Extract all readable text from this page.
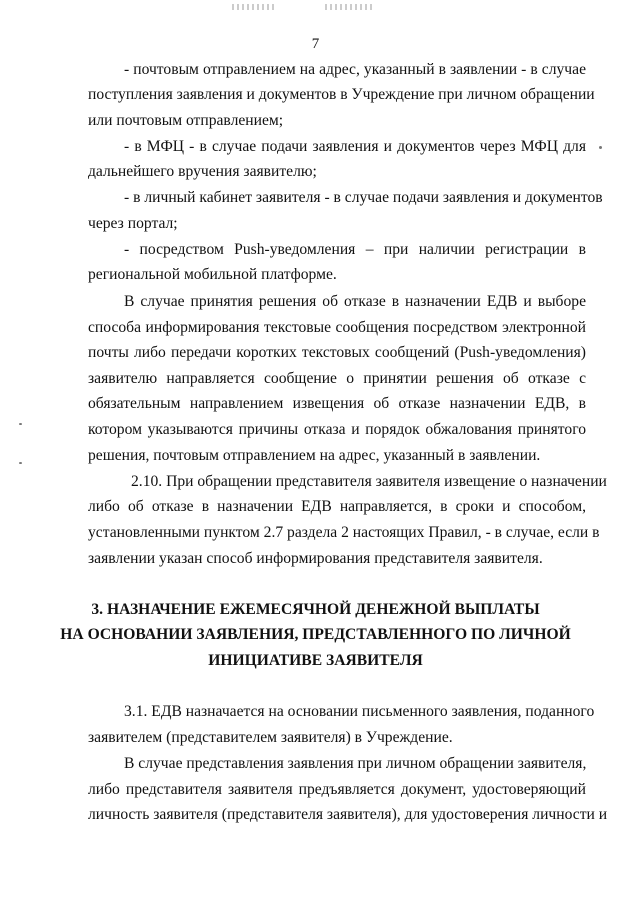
7
- почтовым отправлением на адрес, указанный в заявлении - в случае
поступления заявления и документов в Учреждение при личном обращении
или почтовым отправлением;
- в МФЦ - в случае подачи заявления и документов через МФЦ для
дальнейшего вручения заявителю;
- в личный кабинет заявителя - в случае подачи заявления и документов
через портал;
- посредством Push-уведомления – при наличии регистрации в
региональной мобильной платформе.
В случае принятия решения об отказе в назначении ЕДВ и выборе
способа информирования текстовые сообщения посредством электронной
почты либо передачи коротких текстовых сообщений (Push-уведомления)
заявителю направляется сообщение о принятии решения об отказе с
обязательным направлением извещения об отказе назначении ЕДВ, в
котором указываются причины отказа и порядок обжалования принятого
решения, почтовым отправлением на адрес, указанный в заявлении.
2.10. При обращении представителя заявителя извещение о назначении
либо об отказе в назначении ЕДВ направляется, в сроки и способом,
установленными пунктом 2.7 раздела 2 настоящих Правил, - в случае, если в
заявлении указан способ информирования представителя заявителя.
3. НАЗНАЧЕНИЕ ЕЖЕМЕСЯЧНОЙ ДЕНЕЖНОЙ ВЫПЛАТЫ
НА ОСНОВАНИИ ЗАЯВЛЕНИЯ, ПРЕДСТАВЛЕННОГО ПО ЛИЧНОЙ
ИНИЦИАТИВЕ ЗАЯВИТЕЛЯ
3.1. ЕДВ назначается на основании письменного заявления, поданного
заявителем (представителем заявителя) в Учреждение.
В случае представления заявления при личном обращении заявителя,
либо представителя заявителя предъявляется документ, удостоверяющий
личность заявителя (представителя заявителя), для удостоверения личности и
